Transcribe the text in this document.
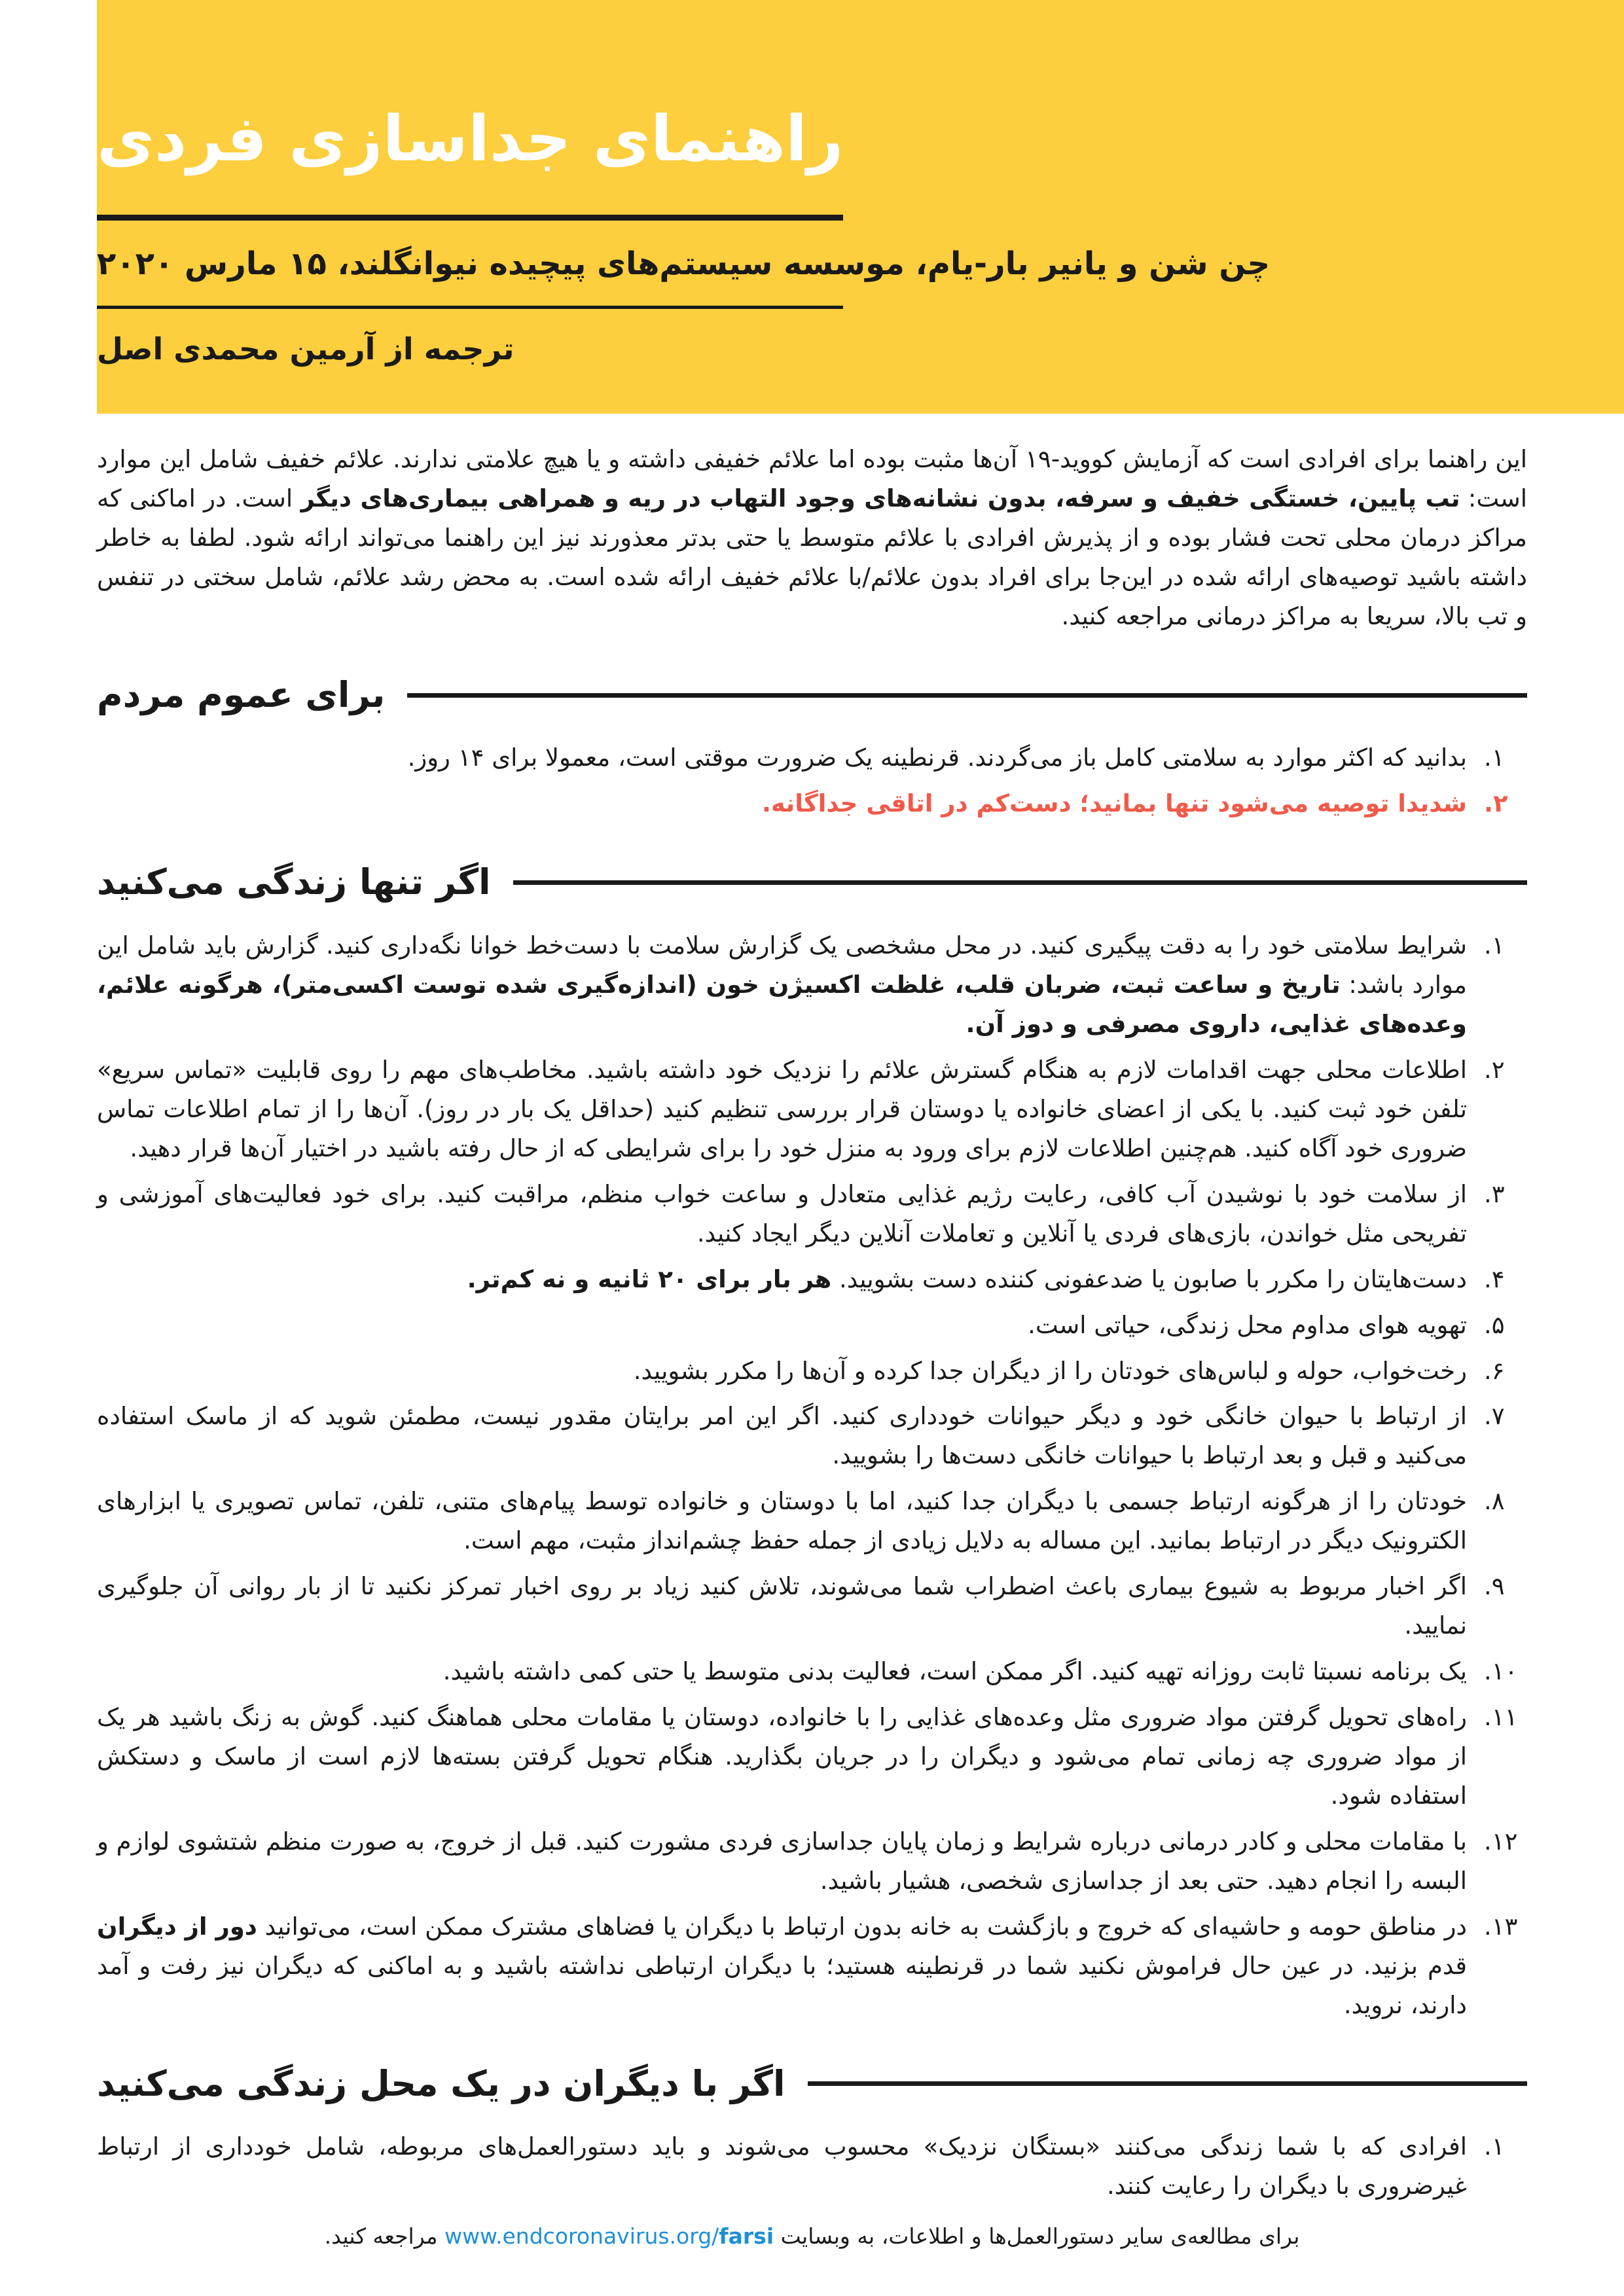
راهنمای جداسازی فردی
چن شن و یانیر بار-یام، موسسه سیستم‌های پیچیده نیوانگلند، ۱۵ مارس ۲۰۲۰
ترجمه از آرمین محمدی اصل

این راهنما برای افرادی است که آزمایش کووید-۱۹ آن‌ها مثبت بوده اما علائم خفیفی داشته و یا هیچ علامتی ندارند. علائم خفیف شامل این موارد است: تب پایین، خستگی خفیف و سرفه، بدون نشانه‌های وجود التهاب در ریه و همراهی بیماری‌های دیگر است. در اماکنی که مراکز درمان محلی تحت فشار بوده و از پذیرش افرادی با علائم متوسط یا حتی بدتر معذورند نیز این راهنما می‌تواند ارائه شود. لطفا به خاطر داشته باشید توصیه‌های ارائه شده در این‌جا برای افراد بدون علائم/با علائم خفیف ارائه شده است. به محض رشد علائم، شامل سختی در تنفس و تب بالا، سریعا به مراکز درمانی مراجعه کنید.

برای عموم مردم
۱.
بدانید که اکثر موارد به سلامتی کامل باز می‌گردند. قرنطینه یک ضرورت موقتی است، معمولا برای ۱۴ روز.
۲.
شدیدا توصیه می‌شود تنها بمانید؛ دست‌کم در اتاقی جداگانه.
اگر تنها زندگی می‌کنید
۱.
شرایط سلامتی خود را به دقت پیگیری کنید. در محل مشخصی یک گزارش سلامت با دست‌خط خوانا نگه‌داری کنید. گزارش باید شامل این موارد باشد: تاریخ و ساعت ثبت، ضربان قلب، غلظت اکسیژن خون (اندازه‌گیری شده توست اکسی‌متر)، هرگونه علائم، وعده‌های غذایی، داروی مصرفی و دوز آن.
۲.
اطلاعات محلی جهت اقدامات لازم به هنگام گسترش علائم را نزدیک خود داشته باشید. مخاطب‌های مهم را روی قابلیت «تماس سریع» تلفن خود ثبت کنید. با یکی از اعضای خانواده یا دوستان قرار بررسی تنظیم کنید (حداقل یک بار در روز). آن‌ها را از تمام اطلاعات تماس ضروری خود آگاه کنید. هم‌چنین اطلاعات لازم برای ورود به منزل خود را برای شرایطی که از حال رفته باشید در اختیار آن‌ها قرار دهید.
۳.
از سلامت خود با نوشیدن آب کافی، رعایت رژیم غذایی متعادل و ساعت خواب منظم، مراقبت کنید. برای خود فعالیت‌های آموزشی و تفریحی مثل خواندن، بازی‌های فردی یا آنلاین و تعاملات آنلاین دیگر ایجاد کنید.
۴.
دست‌هایتان را مکرر با صابون یا ضدعفونی کننده دست بشویید. هر بار برای ۲۰ ثانیه و نه کم‌تر.
۵.
تهویه هوای مداوم محل زندگی، حیاتی است.
۶.
رخت‌خواب، حوله و لباس‌های خودتان را از دیگران جدا کرده و آن‌ها را مکرر بشویید.
۷.
از ارتباط با حیوان خانگی خود و دیگر حیوانات خودداری کنید. اگر این امر برایتان مقدور نیست، مطمئن شوید که از ماسک استفاده می‌کنید و قبل و بعد ارتباط با حیوانات خانگی دست‌ها را بشویید.
۸.
خودتان را از هرگونه ارتباط جسمی با دیگران جدا کنید، اما با دوستان و خانواده توسط پیام‌های متنی، تلفن، تماس تصویری یا ابزارهای الکترونیک دیگر در ارتباط بمانید. این مساله به دلایل زیادی از جمله حفظ چشم‌انداز مثبت، مهم است.
۹.
اگر اخبار مربوط به شیوع بیماری باعث اضطراب شما می‌شوند، تلاش کنید زیاد بر روی اخبار تمرکز نکنید تا از بار روانی آن جلوگیری نمایید.
۱۰.
یک برنامه نسبتا ثابت روزانه تهیه کنید. اگر ممکن است، فعالیت بدنی متوسط یا حتی کمی داشته باشید.
۱۱.
راه‌های تحویل گرفتن مواد ضروری مثل وعده‌های غذایی را با خانواده، دوستان یا مقامات محلی هماهنگ کنید. گوش به زنگ باشید هر یک از مواد ضروری چه زمانی تمام می‌شود و دیگران را در جریان بگذارید. هنگام تحویل گرفتن بسته‌ها لازم است از ماسک و دستکش استفاده شود.
۱۲.
با مقامات محلی و کادر درمانی درباره شرایط و زمان پایان جداسازی فردی مشورت کنید. قبل از خروج، به صورت منظم شتشوی لوازم و البسه را انجام دهید. حتی بعد از جداسازی شخصی، هشیار باشید.
۱۳.
در مناطق حومه و حاشیه‌ای که خروج و بازگشت به خانه بدون ارتباط با دیگران یا فضاهای مشترک ممکن است، می‌توانید دور از دیگران قدم بزنید. در عین حال فراموش نکنید شما در قرنطینه هستید؛ با دیگران ارتباطی نداشته باشید و به اماکنی که دیگران نیز رفت و آمد دارند، نروید.
اگر با دیگران در یک محل زندگی می‌کنید
۱.
افرادی که با شما زندگی می‌کنند «بستگان نزدیک» محسوب می‌شوند و باید دستورالعمل‌های مربوطه، شامل خودداری از ارتباط غیرضروری با دیگران را رعایت کنند.
برای مطالعه‌ی سایر دستورالعمل‌ها و اطلاعات، به وبسایت www.endcoronavirus.org/farsi مراجعه کنید.
